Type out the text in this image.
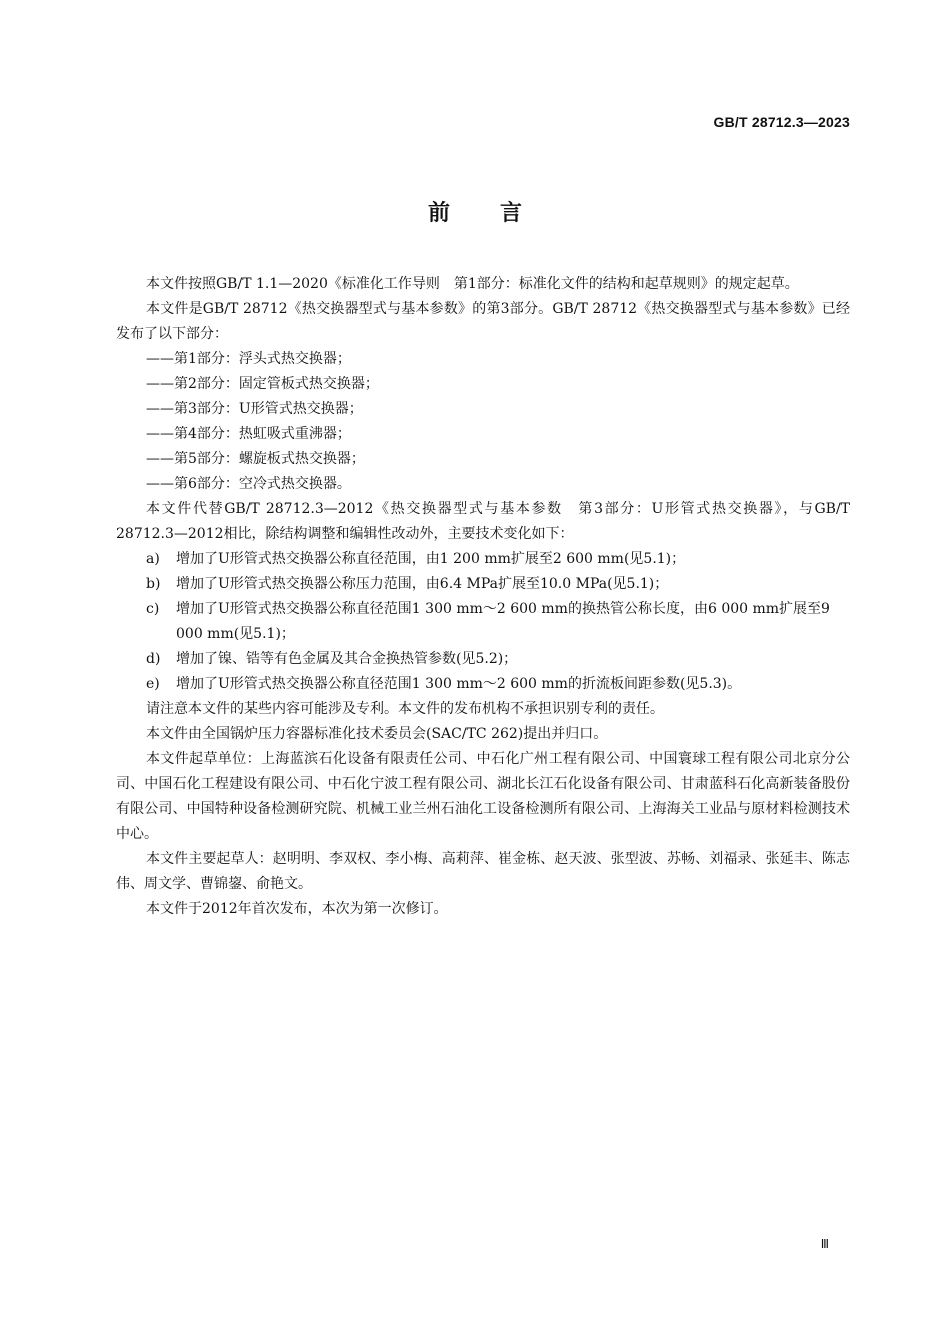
GB/T 28712.3—2023
前言

本文件按照GB/T 1.1—2020《标准化工作导则　第1部分：标准化文件的结构和起草规则》的规定起草。

本文件是GB/T 28712《热交换器型式与基本参数》的第3部分。GB/T 28712《热交换器型式与基本参数》已经发布了以下部分：

——第1部分：浮头式热交换器；

——第2部分：固定管板式热交换器；

——第3部分：U形管式热交换器；

——第4部分：热虹吸式重沸器；

——第5部分：螺旋板式热交换器；

——第6部分：空冷式热交换器。

本文件代替GB/T 28712.3—2012《热交换器型式与基本参数　第3部分：U形管式热交换器》，与GB/T 28712.3—2012相比，除结构调整和编辑性改动外，主要技术变化如下：

a) 增加了U形管式热交换器公称直径范围，由1 200 mm扩展至2 600 mm(见5.1)；

b) 增加了U形管式热交换器公称压力范围，由6.4 MPa扩展至10.0 MPa(见5.1)；

c) 增加了U形管式热交换器公称直径范围1 300 mm～2 600 mm的换热管公称长度，由6 000 mm扩展至9 000 mm(见5.1)；

d) 增加了镍、锆等有色金属及其合金换热管参数(见5.2)；

e) 增加了U形管式热交换器公称直径范围1 300 mm～2 600 mm的折流板间距参数(见5.3)。

请注意本文件的某些内容可能涉及专利。本文件的发布机构不承担识别专利的责任。

本文件由全国锅炉压力容器标准化技术委员会(SAC/TC 262)提出并归口。

本文件起草单位：上海蓝滨石化设备有限责任公司、中石化广州工程有限公司、中国寰球工程有限公司北京分公司、中国石化工程建设有限公司、中石化宁波工程有限公司、湖北长江石化设备有限公司、甘肃蓝科石化高新装备股份有限公司、中国特种设备检测研究院、机械工业兰州石油化工设备检测所有限公司、上海海关工业品与原材料检测技术中心。

本文件主要起草人：赵明明、李双权、李小梅、高莉萍、崔金栋、赵天波、张型波、苏畅、刘福录、张延丰、陈志伟、周文学、曹锦鋆、俞艳文。

本文件于2012年首次发布，本次为第一次修订。

Ⅲ
